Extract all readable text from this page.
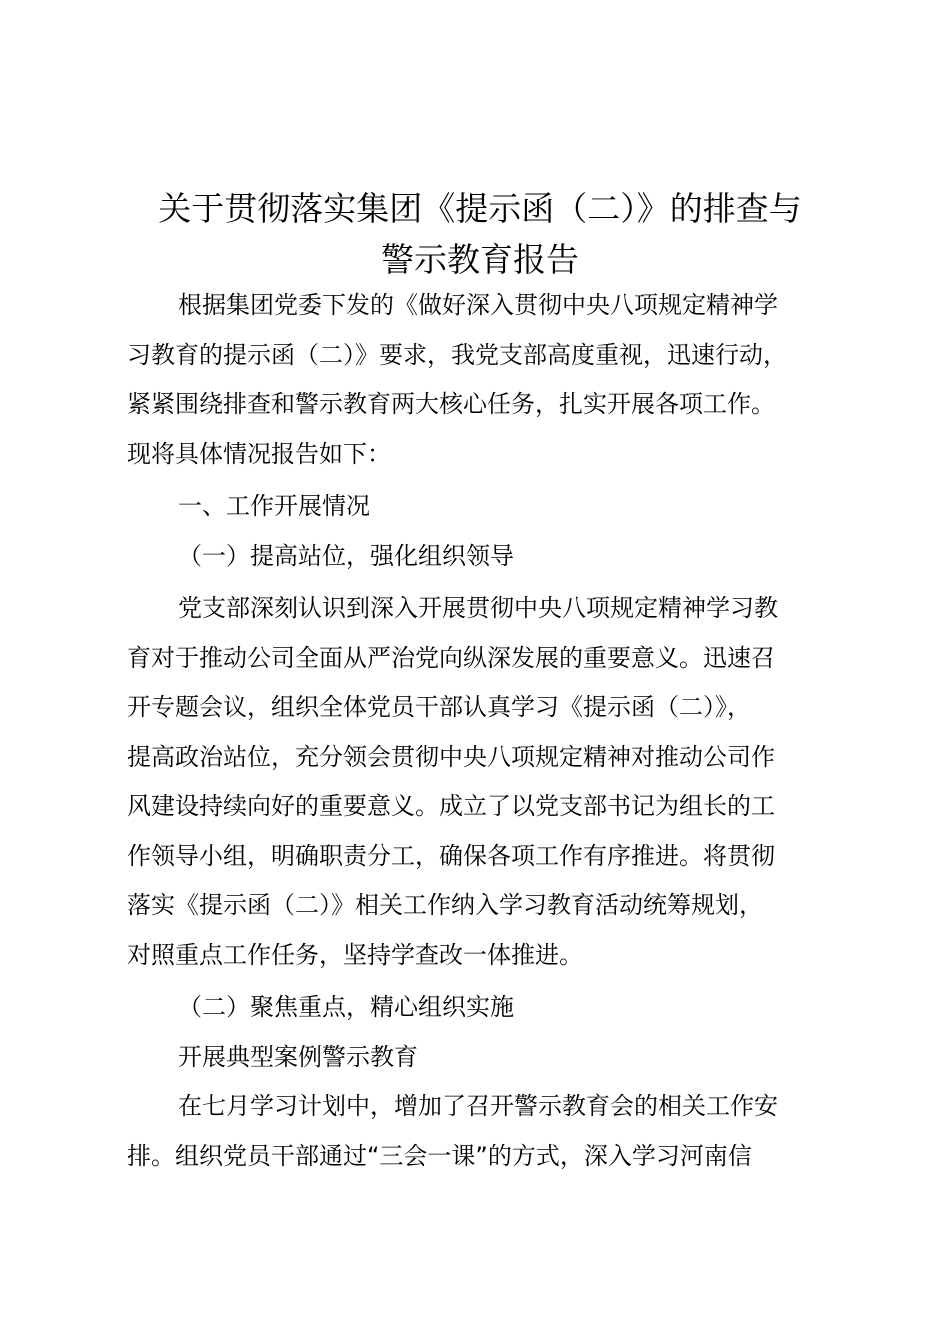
关于贯彻落实集团《提示函（二）》的排查与
警示教育报告
根据集团党委下发的《做好深入贯彻中央八项规定精神学
习教育的提示函（二）》要求，我党支部高度重视，迅速行动，
紧紧围绕排查和警示教育两大核心任务，扎实开展各项工作。
现将具体情况报告如下：
一、工作开展情况
（一）提高站位，强化组织领导
党支部深刻认识到深入开展贯彻中央八项规定精神学习教
育对于推动公司全面从严治党向纵深发展的重要意义。迅速召
开专题会议，组织全体党员干部认真学习《提示函（二）》，
提高政治站位，充分领会贯彻中央八项规定精神对推动公司作
风建设持续向好的重要意义。成立了以党支部书记为组长的工
作领导小组，明确职责分工，确保各项工作有序推进。将贯彻
落实《提示函（二）》相关工作纳入学习教育活动统筹规划，
对照重点工作任务，坚持学查改一体推进。
（二）聚焦重点，精心组织实施
开展典型案例警示教育
在七月学习计划中，增加了召开警示教育会的相关工作安
排。组织党员干部通过“三会一课”的方式，深入学习河南信
